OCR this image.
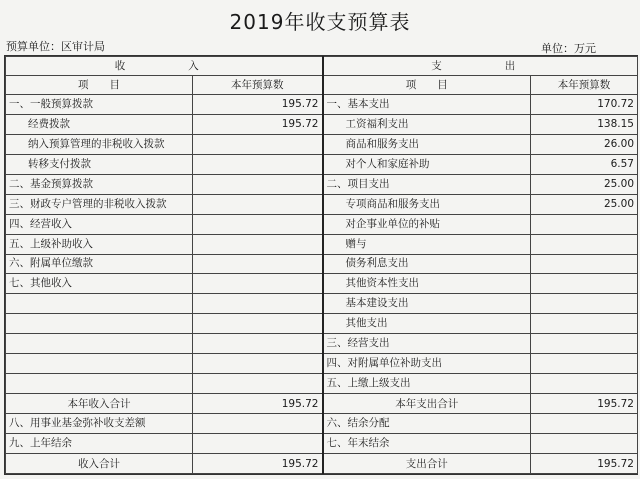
2019年收支预算表
预算单位：区审计局	单位：万元
收　　入		支　　出	
项　　目	本年预算数	项　　目	本年预算数
一、一般预算拨款	195.72	一、基本支出	170.72
经费拨款	195.72	工资福利支出	138.15
纳入预算管理的非税收入拨款		商品和服务支出	26.00
转移支付拨款		对个人和家庭补助	6.57
二、基金预算拨款		二、项目支出	25.00
三、财政专户管理的非税收入拨款		专项商品和服务支出	25.00
四、经营收入		对企事业单位的补贴	
五、上级补助收入		赠与	
六、附属单位缴款		债务利息支出	
七、其他收入		其他资本性支出	
		基本建设支出	
		其他支出	
		三、经营支出	
		四、对附属单位补助支出	
		五、上缴上级支出	
本年收入合计	195.72	本年支出合计	195.72
八、用事业基金弥补收支差额		六、结余分配	
九、上年结余		七、年末结余	
收入合计	195.72	支出合计	195.72
